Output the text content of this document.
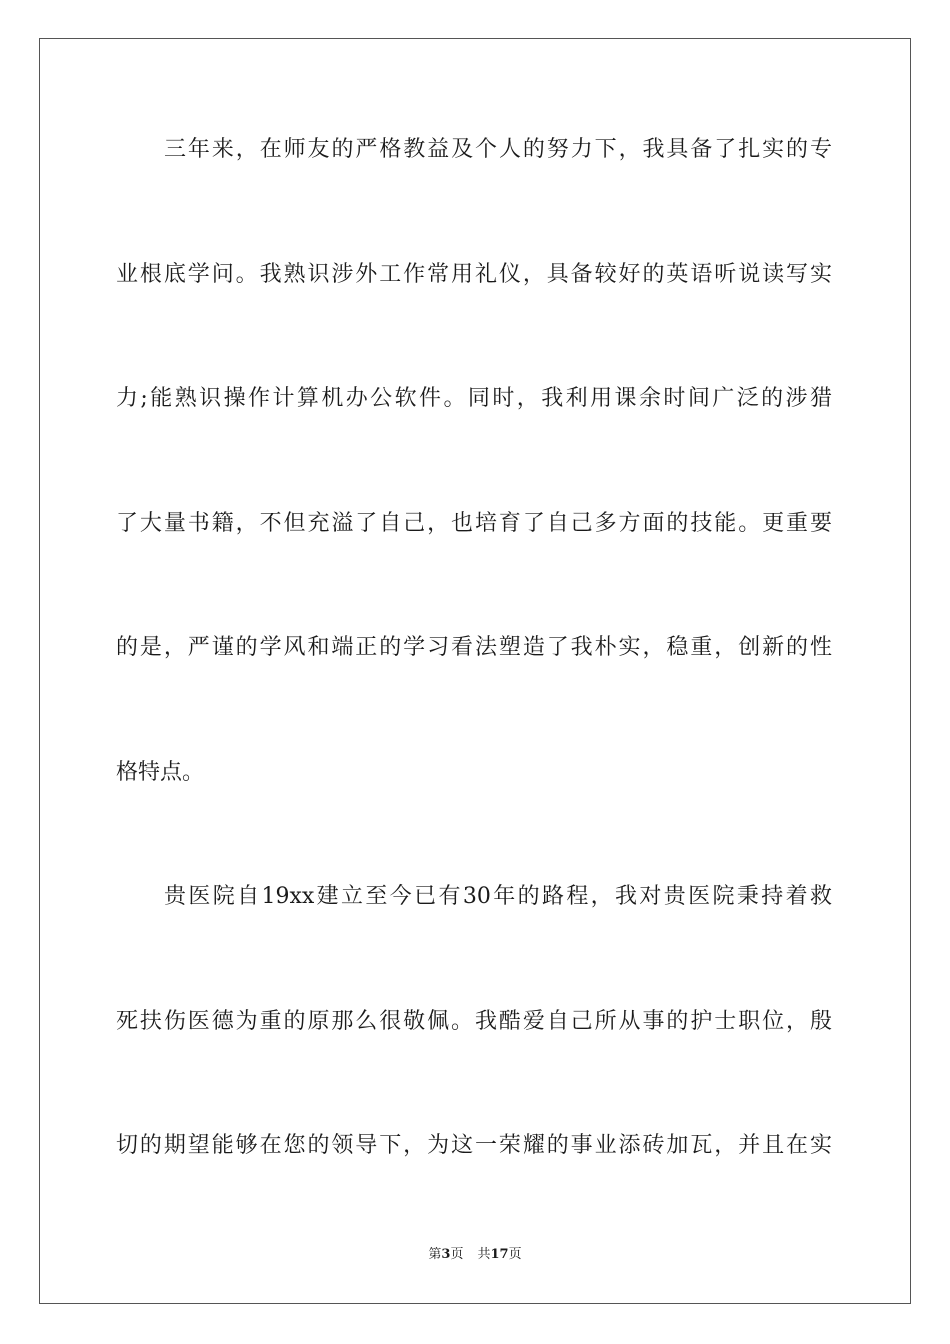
三年来，在师友的严格教益及个人的努力下，我具备了扎实的专
业根底学问。我熟识涉外工作常用礼仪，具备较好的英语听说读写实
力;能熟识操作计算机办公软件。同时，我利用课余时间广泛的涉猎
了大量书籍，不但充溢了自己，也培育了自己多方面的技能。更重要
的是，严谨的学风和端正的学习看法塑造了我朴实，稳重，创新的性
格特点。
贵医院自19xx建立至今已有30年的路程，我对贵医院秉持着救
死扶伤医德为重的原那么很敬佩。我酷爱自己所从事的护士职位，殷
切的期望能够在您的领导下，为这一荣耀的事业添砖加瓦，并且在实
第3页 共17页
